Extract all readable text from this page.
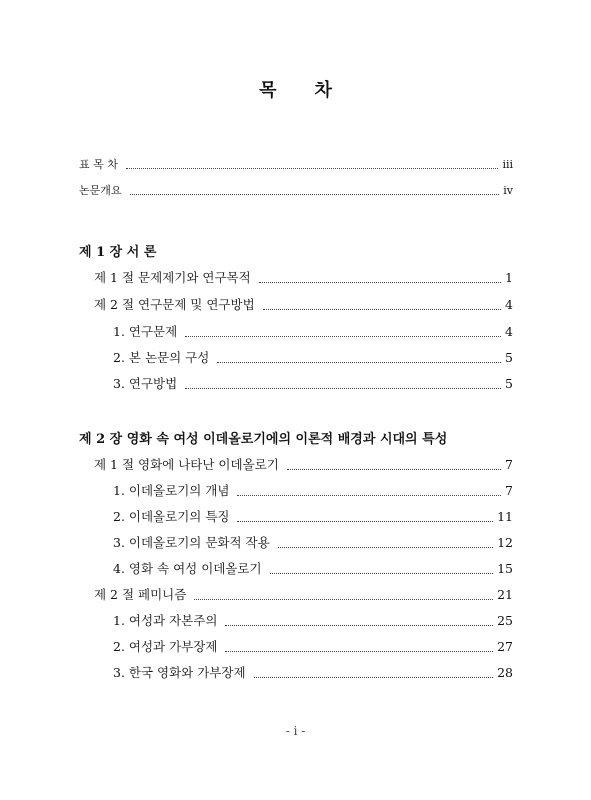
목 차
표 목 차	iii
논문개요	iv
제 1 장 서 론
제 1 절 문제제기와 연구목적	1
제 2 절 연구문제 및 연구방법	4
1. 연구문제	4
2. 본 논문의 구성	5
3. 연구방법	5
제 2 장 영화 속 여성 이데올로기에의 이론적 배경과 시대의 특성
제 1 절 영화에 나타난 이데올로기	7
1. 이데올로기의 개념	7
2. 이데올로기의 특징	11
3. 이데올로기의 문화적 작용	12
4. 영화 속 여성 이데올로기	15
제 2 절 페미니즘	21
1. 여성과 자본주의	25
2. 여성과 가부장제	27
3. 한국 영화와 가부장제	28
- i -
